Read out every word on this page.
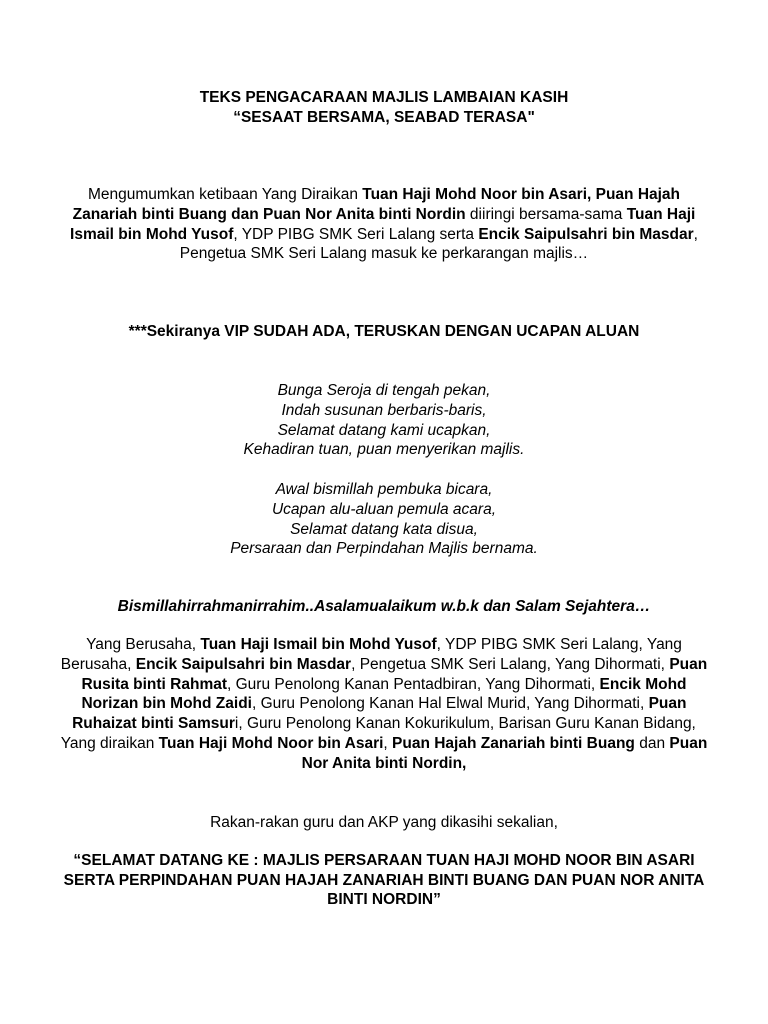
TEKS PENGACARAAN MAJLIS LAMBAIAN KASIH
“SESAAT BERSAMA, SEABAD TERASA"
Mengumumkan ketibaan Yang Diraikan Tuan Haji Mohd Noor bin Asari, Puan Hajah Zanariah binti Buang dan Puan Nor Anita binti Nordin diiringi bersama-sama Tuan Haji Ismail bin Mohd Yusof, YDP PIBG SMK Seri Lalang serta Encik Saipulsahri bin Masdar, Pengetua SMK Seri Lalang masuk ke perkarangan majlis…
***Sekiranya VIP SUDAH ADA, TERUSKAN DENGAN UCAPAN ALUAN
Bunga Seroja di tengah pekan,
Indah susunan berbaris-baris,
Selamat datang kami ucapkan,
Kehadiran tuan, puan menyerikan majlis.
Awal bismillah pembuka bicara,
Ucapan alu-aluan pemula acara,
Selamat datang kata disua,
Persaraan dan Perpindahan Majlis bernama.
Bismillahirrahmanirrahim..Asalamualaikum w.b.k dan Salam Sejahtera…
Yang Berusaha, Tuan Haji Ismail bin Mohd Yusof, YDP PIBG SMK Seri Lalang, Yang Berusaha, Encik Saipulsahri bin Masdar, Pengetua SMK Seri Lalang, Yang Dihormati, Puan Rusita binti Rahmat, Guru Penolong Kanan Pentadbiran, Yang Dihormati, Encik Mohd Norizan bin Mohd Zaidi, Guru Penolong Kanan Hal Elwal Murid, Yang Dihormati, Puan Ruhaizat binti Samsuri, Guru Penolong Kanan Kokurikulum, Barisan Guru Kanan Bidang, Yang diraikan Tuan Haji Mohd Noor bin Asari, Puan Hajah Zanariah binti Buang dan Puan Nor Anita binti Nordin,
Rakan-rakan guru dan AKP yang dikasihi sekalian,
“SELAMAT DATANG KE : MAJLIS PERSARAAN TUAN HAJI MOHD NOOR BIN ASARI SERTA PERPINDAHAN PUAN HAJAH ZANARIAH BINTI BUANG DAN PUAN NOR ANITA BINTI NORDIN”
